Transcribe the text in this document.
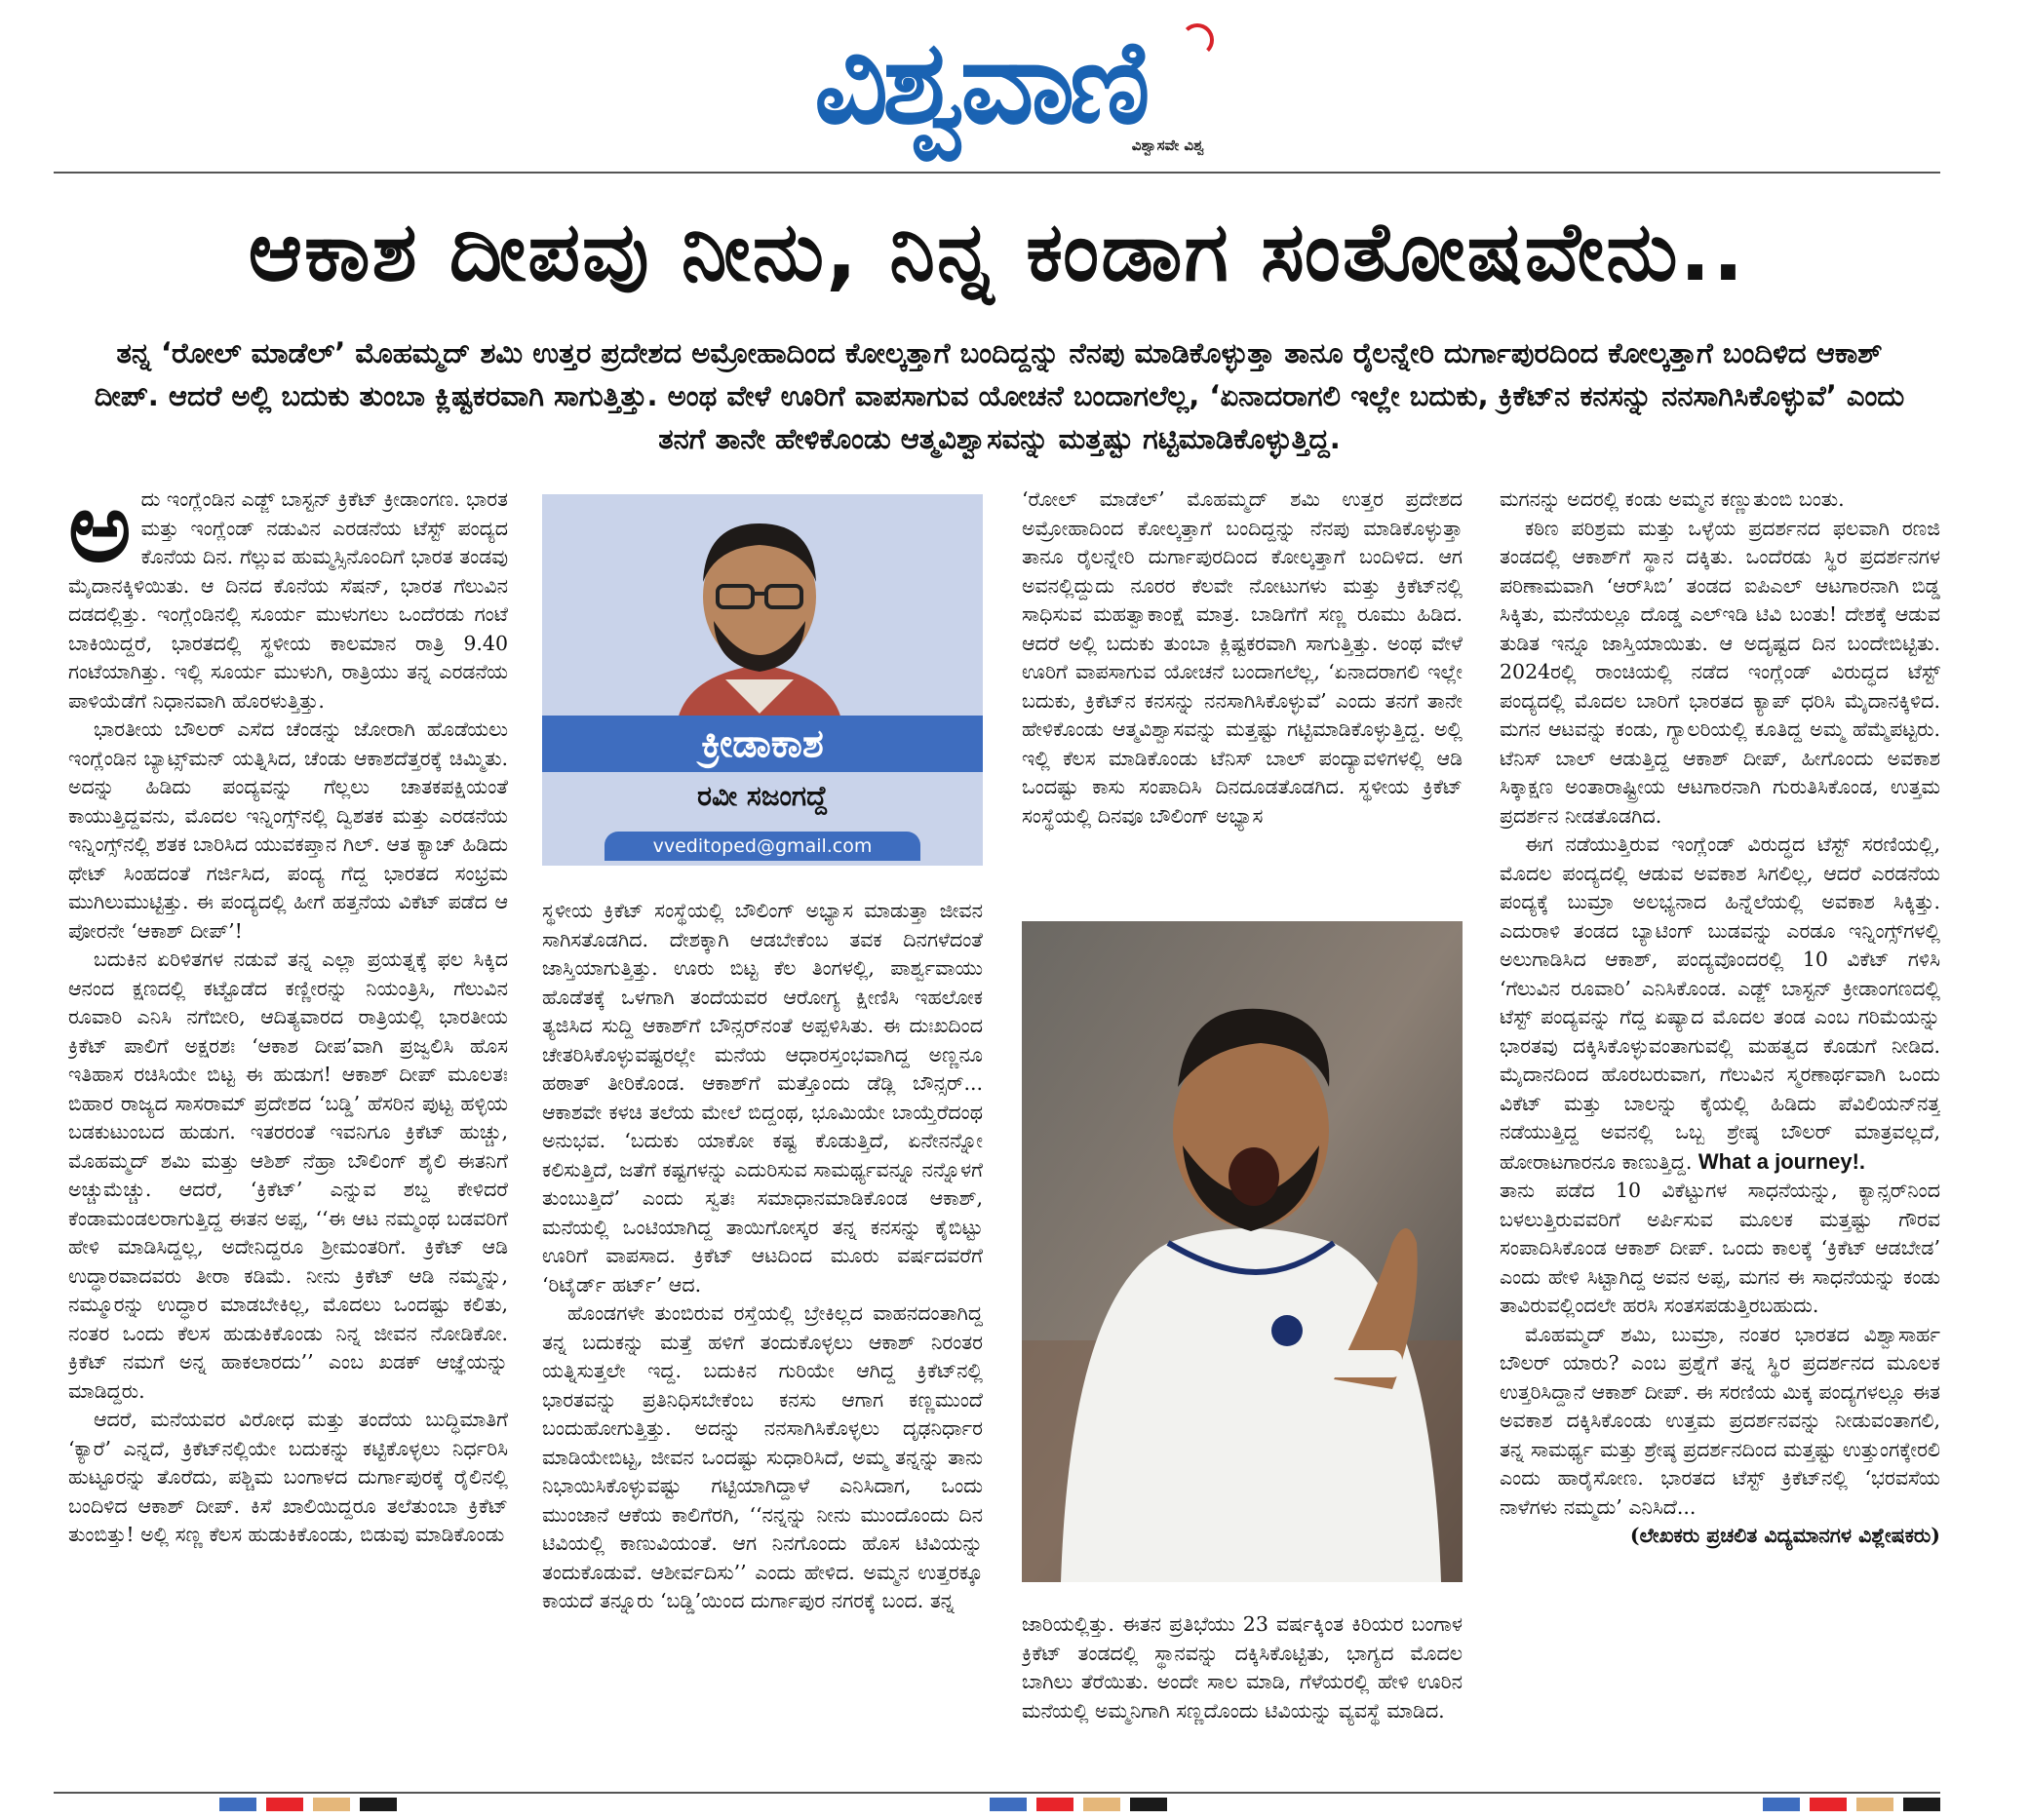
ವಿಶ್ವವಾಣಿ
ವಿಶ್ವಾಸವೇ ವಿಶ್ವ
ಆಕಾಶ ದೀಪವು ನೀನು, ನಿನ್ನ ಕಂಡಾಗ ಸಂತೋಷವೇನು..
ತನ್ನ ‘ರೋಲ್ ಮಾಡೆಲ್’ ಮೊಹಮ್ಮದ್ ಶಮಿ ಉತ್ತರ ಪ್ರದೇಶದ ಅಮ್ರೋಹಾದಿಂದ ಕೋಲ್ಕತ್ತಾಗೆ ಬಂದಿದ್ದನ್ನು ನೆನಪು ಮಾಡಿಕೊಳ್ಳುತ್ತಾ ತಾನೂ ರೈಲನ್ನೇರಿ ದುರ್ಗಾಪುರದಿಂದ ಕೋಲ್ಕತ್ತಾಗೆ ಬಂದಿಳಿದ ಆಕಾಶ್ ದೀಪ್. ಆದರೆ ಅಲ್ಲಿ ಬದುಕು ತುಂಬಾ ಕ್ಲಿಷ್ಟಕರವಾಗಿ ಸಾಗುತ್ತಿತ್ತು. ಅಂಥ ವೇಳೆ ಊರಿಗೆ ವಾಪಸಾಗುವ ಯೋಚನೆ ಬಂದಾಗಲೆಲ್ಲ, ‘ಏನಾದರಾಗಲಿ ಇಲ್ಲೇ ಬದುಕು, ಕ್ರಿಕೆಟ್‌ನ ಕನಸನ್ನು ನನಸಾಗಿಸಿಕೊಳ್ಳುವೆ’ ಎಂದು ತನಗೆ ತಾನೇ ಹೇಳಿಕೊಂಡು ಆತ್ಮವಿಶ್ವಾಸವನ್ನು ಮತ್ತಷ್ಟು ಗಟ್ಟಿಮಾಡಿಕೊಳ್ಳುತ್ತಿದ್ದ.

ಅದು ಇಂಗ್ಲೆಂಡಿನ ಎಡ್ಜ್ ಬಾಸ್ಟನ್ ಕ್ರಿಕೆಟ್ ಕ್ರೀಡಾಂಗಣ. ಭಾರತ ಮತ್ತು ಇಂಗ್ಲೆಂಡ್ ನಡುವಿನ ಎರಡನೆಯ ಟೆಸ್ಟ್ ಪಂದ್ಯದ ಕೊನೆಯ ದಿನ. ಗೆಲ್ಲುವ ಹುಮ್ಮಸ್ಸಿನೊಂದಿಗೆ ಭಾರತ ತಂಡವು ಮೈದಾನಕ್ಕಿಳಿಯಿತು. ಆ ದಿನದ ಕೊನೆಯ ಸೆಷನ್, ಭಾರತ ಗೆಲುವಿನ ದಡದಲ್ಲಿತ್ತು. ಇಂಗ್ಲೆಂಡಿನಲ್ಲಿ ಸೂರ್ಯ ಮುಳುಗಲು ಒಂದೆರಡು ಗಂಟೆ ಬಾಕಿಯಿದ್ದರೆ, ಭಾರತದಲ್ಲಿ ಸ್ಥಳೀಯ ಕಾಲಮಾನ ರಾತ್ರಿ 9.40 ಗಂಟೆಯಾಗಿತ್ತು. ಇಲ್ಲಿ ಸೂರ್ಯ ಮುಳುಗಿ, ರಾತ್ರಿಯು ತನ್ನ ಎರಡನೆಯ ಪಾಳಿಯೆಡೆಗೆ ನಿಧಾನವಾಗಿ ಹೊರಳುತ್ತಿತ್ತು.

ಭಾರತೀಯ ಬೌಲರ್ ಎಸೆದ ಚೆಂಡನ್ನು ಜೋರಾಗಿ ಹೊಡೆಯಲು ಇಂಗ್ಲೆಂಡಿನ ಬ್ಯಾಟ್ಸ್‌ಮನ್ ಯತ್ನಿಸಿದ, ಚೆಂಡು ಆಕಾಶದೆತ್ತರಕ್ಕೆ ಚಿಮ್ಮಿತು. ಅದನ್ನು ಹಿಡಿದು ಪಂದ್ಯವನ್ನು ಗೆಲ್ಲಲು ಚಾತಕಪಕ್ಷಿಯಂತೆ ಕಾಯುತ್ತಿದ್ದವನು, ಮೊದಲ ಇನ್ನಿಂಗ್ಸ್‌ನಲ್ಲಿ ದ್ವಿಶತಕ ಮತ್ತು ಎರಡನೆಯ ಇನ್ನಿಂಗ್ಸ್‌ನಲ್ಲಿ ಶತಕ ಬಾರಿಸಿದ ಯುವಕಪ್ತಾನ ಗಿಲ್. ಆತ ಕ್ಯಾಚ್ ಹಿಡಿದು ಥೇಟ್ ಸಿಂಹದಂತೆ ಗರ್ಜಿಸಿದ, ಪಂದ್ಯ ಗೆದ್ದ ಭಾರತದ ಸಂಭ್ರಮ ಮುಗಿಲುಮುಟ್ಟಿತ್ತು. ಈ ಪಂದ್ಯದಲ್ಲಿ ಹೀಗೆ ಹತ್ತನೆಯ ವಿಕೆಟ್ ಪಡೆದ ಆ ಪೋರನೇ ‘ಆಕಾಶ್ ದೀಪ್’!

ಬದುಕಿನ ಏರಿಳಿತಗಳ ನಡುವೆ ತನ್ನ ಎಲ್ಲಾ ಪ್ರಯತ್ನಕ್ಕೆ ಫಲ ಸಿಕ್ಕಿದ ಆನಂದ ಕ್ಷಣದಲ್ಲಿ ಕಟ್ಟೊಡೆದ ಕಣ್ಣೀರನ್ನು ನಿಯಂತ್ರಿಸಿ, ಗೆಲುವಿನ ರೂವಾರಿ ಎನಿಸಿ ನಗೆಬೀರಿ, ಆದಿತ್ಯವಾರದ ರಾತ್ರಿಯಲ್ಲಿ ಭಾರತೀಯ ಕ್ರಿಕೆಟ್ ಪಾಲಿಗೆ ಅಕ್ಷರಶಃ ‘ಆಕಾಶ ದೀಪ’ವಾಗಿ ಪ್ರಜ್ವಲಿಸಿ ಹೊಸ ಇತಿಹಾಸ ರಚಿಸಿಯೇ ಬಿಟ್ಟ ಈ ಹುಡುಗ! ಆಕಾಶ್ ದೀಪ್ ಮೂಲತಃ ಬಿಹಾರ ರಾಜ್ಯದ ಸಾಸರಾಮ್ ಪ್ರದೇಶದ ‘ಬಡ್ಡಿ’ ಹೆಸರಿನ ಪುಟ್ಟ ಹಳ್ಳಿಯ ಬಡಕುಟುಂಬದ ಹುಡುಗ. ಇತರರಂತೆ ಇವನಿಗೂ ಕ್ರಿಕೆಟ್ ಹುಚ್ಚು, ಮೊಹಮ್ಮದ್ ಶಮಿ ಮತ್ತು ಆಶಿಶ್ ನೆಹ್ರಾ ಬೌಲಿಂಗ್ ಶೈಲಿ ಈತನಿಗೆ ಅಚ್ಚುಮೆಚ್ಚು. ಆದರೆ, ‘ಕ್ರಿಕೆಟ್’ ಎನ್ನುವ ಶಬ್ದ ಕೇಳಿದರೆ ಕೆಂಡಾಮಂಡಲರಾಗುತ್ತಿದ್ದ ಈತನ ಅಪ್ಪ, ‘‘ಈ ಆಟ ನಮ್ಮಂಥ ಬಡವರಿಗೆ ಹೇಳಿ ಮಾಡಿಸಿದ್ದಲ್ಲ, ಅದೇನಿದ್ದರೂ ಶ್ರೀಮಂತರಿಗೆ. ಕ್ರಿಕೆಟ್ ಆಡಿ ಉದ್ಧಾರವಾದವರು ತೀರಾ ಕಡಿಮೆ. ನೀನು ಕ್ರಿಕೆಟ್ ಆಡಿ ನಮ್ಮನ್ನು, ನಮ್ಮೂರನ್ನು ಉದ್ಧಾರ ಮಾಡಬೇಕಿಲ್ಲ, ಮೊದಲು ಒಂದಷ್ಟು ಕಲಿತು, ನಂತರ ಒಂದು ಕೆಲಸ ಹುಡುಕಿಕೊಂಡು ನಿನ್ನ ಜೀವನ ನೋಡಿಕೋ. ಕ್ರಿಕೆಟ್ ನಮಗೆ ಅನ್ನ ಹಾಕಲಾರದು’’ ಎಂಬ ಖಡಕ್ ಆಜ್ಞೆಯನ್ನು ಮಾಡಿದ್ದರು.

ಆದರೆ, ಮನೆಯವರ ವಿರೋಧ ಮತ್ತು ತಂದೆಯ ಬುದ್ಧಿಮಾತಿಗೆ ‘ಕ್ಯಾರೆ’ ಎನ್ನದೆ, ಕ್ರಿಕೆಟ್‌ನಲ್ಲಿಯೇ ಬದುಕನ್ನು ಕಟ್ಟಿಕೊಳ್ಳಲು ನಿರ್ಧರಿಸಿ ಹುಟ್ಟೂರನ್ನು ತೊರೆದು, ಪಶ್ಚಿಮ ಬಂಗಾಳದ ದುರ್ಗಾಪುರಕ್ಕೆ ರೈಲಿನಲ್ಲಿ ಬಂದಿಳಿದ ಆಕಾಶ್ ದೀಪ್. ಕಿಸೆ ಖಾಲಿಯಿದ್ದರೂ ತಲೆತುಂಬಾ ಕ್ರಿಕೆಟ್ ತುಂಬಿತ್ತು! ಅಲ್ಲಿ ಸಣ್ಣ ಕೆಲಸ ಹುಡುಕಿಕೊಂಡು, ಬಿಡುವು ಮಾಡಿಕೊಂಡು

ಕ್ರೀಡಾಕಾಶ
ರವೀ ಸಜಂಗದ್ದೆ
vveditoped@gmail.com

ಸ್ಥಳೀಯ ಕ್ರಿಕೆಟ್ ಸಂಸ್ಥೆಯಲ್ಲಿ ಬೌಲಿಂಗ್ ಅಭ್ಯಾಸ ಮಾಡುತ್ತಾ ಜೀವನ ಸಾಗಿಸತೊಡಗಿದ. ದೇಶಕ್ಕಾಗಿ ಆಡಬೇಕೆಂಬ ತವಕ ದಿನಗಳೆದಂತೆ ಜಾಸ್ತಿಯಾಗುತ್ತಿತ್ತು. ಊರು ಬಿಟ್ಟ ಕೆಲ ತಿಂಗಳಲ್ಲಿ, ಪಾರ್ಶ್ವವಾಯು ಹೊಡೆತಕ್ಕೆ ಒಳಗಾಗಿ ತಂದೆಯವರ ಆರೋಗ್ಯ ಕ್ಷೀಣಿಸಿ ಇಹಲೋಕ ತ್ಯಜಿಸಿದ ಸುದ್ದಿ ಆಕಾಶ್‌ಗೆ ಬೌನ್ಸರ್‌ನಂತೆ ಅಪ್ಪಳಿಸಿತು. ಈ ದುಃಖದಿಂದ ಚೇತರಿಸಿಕೊಳ್ಳುವಷ್ಟರಲ್ಲೇ ಮನೆಯ ಆಧಾರಸ್ತಂಭವಾಗಿದ್ದ ಅಣ್ಣನೂ ಹಠಾತ್ ತೀರಿಕೊಂಡ. ಆಕಾಶ್‌ಗೆ ಮತ್ತೊಂದು ಡೆಡ್ಲಿ ಬೌನ್ಸರ್... ಆಕಾಶವೇ ಕಳಚಿ ತಲೆಯ ಮೇಲೆ ಬಿದ್ದಂಥ, ಭೂಮಿಯೇ ಬಾಯ್ತೆರೆದಂಥ ಅನುಭವ. ‘ಬದುಕು ಯಾಕೋ ಕಷ್ಟ ಕೊಡುತ್ತಿದೆ, ಏನೇನನ್ನೋ ಕಲಿಸುತ್ತಿದೆ, ಜತೆಗೆ ಕಷ್ಟಗಳನ್ನು ಎದುರಿಸುವ ಸಾಮರ್ಥ್ಯವನ್ನೂ ನನ್ನೊಳಗೆ ತುಂಬುತ್ತಿದೆ’ ಎಂದು ಸ್ವತಃ ಸಮಾಧಾನಮಾಡಿಕೊಂಡ ಆಕಾಶ್, ಮನೆಯಲ್ಲಿ ಒಂಟಿಯಾಗಿದ್ದ ತಾಯಿಗೋಸ್ಕರ ತನ್ನ ಕನಸನ್ನು ಕೈಬಿಟ್ಟು ಊರಿಗೆ ವಾಪಸಾದ. ಕ್ರಿಕೆಟ್ ಆಟದಿಂದ ಮೂರು ವರ್ಷದವರೆಗೆ ‘ರಿಟೈರ್ಡ್ ಹರ್ಟ್’ ಆದ.

ಹೊಂಡಗಳೇ ತುಂಬಿರುವ ರಸ್ತೆಯಲ್ಲಿ ಬ್ರೇಕಿಲ್ಲದ ವಾಹನದಂತಾಗಿದ್ದ ತನ್ನ ಬದುಕನ್ನು ಮತ್ತೆ ಹಳಿಗೆ ತಂದುಕೊಳ್ಳಲು ಆಕಾಶ್ ನಿರಂತರ ಯತ್ನಿಸುತ್ತಲೇ ಇದ್ದ. ಬದುಕಿನ ಗುರಿಯೇ ಆಗಿದ್ದ ಕ್ರಿಕೆಟ್‌ನಲ್ಲಿ ಭಾರತವನ್ನು ಪ್ರತಿನಿಧಿಸಬೇಕೆಂಬ ಕನಸು ಆಗಾಗ ಕಣ್ಣಮುಂದೆ ಬಂದುಹೋಗುತ್ತಿತ್ತು. ಅದನ್ನು ನನಸಾಗಿಸಿಕೊಳ್ಳಲು ದೃಢನಿರ್ಧಾರ ಮಾಡಿಯೇಬಿಟ್ಟ, ಜೀವನ ಒಂದಷ್ಟು ಸುಧಾರಿಸಿದೆ, ಅಮ್ಮ ತನ್ನನ್ನು ತಾನು ನಿಭಾಯಿಸಿಕೊಳ್ಳುವಷ್ಟು ಗಟ್ಟಿಯಾಗಿದ್ದಾಳೆ ಎನಿಸಿದಾಗ, ಒಂದು ಮುಂಜಾನೆ ಆಕೆಯ ಕಾಲಿಗೆರಗಿ, ‘‘ನನ್ನನ್ನು ನೀನು ಮುಂದೊಂದು ದಿನ ಟಿವಿಯಲ್ಲಿ ಕಾಣುವಿಯಂತೆ. ಆಗ ನಿನಗೊಂದು ಹೊಸ ಟಿವಿಯನ್ನು ತಂದುಕೊಡುವೆ. ಆಶೀರ್ವದಿಸು’’ ಎಂದು ಹೇಳಿದ. ಅಮ್ಮನ ಉತ್ತರಕ್ಕೂ ಕಾಯದೆ ತನ್ನೂರು ‘ಬಡ್ಡಿ’ಯಿಂದ ದುರ್ಗಾಪುರ ನಗರಕ್ಕೆ ಬಂದ. ತನ್ನ

‘ರೋಲ್ ಮಾಡೆಲ್’ ಮೊಹಮ್ಮದ್ ಶಮಿ ಉತ್ತರ ಪ್ರದೇಶದ ಅಮ್ರೋಹಾದಿಂದ ಕೋಲ್ಕತ್ತಾಗೆ ಬಂದಿದ್ದನ್ನು ನೆನಪು ಮಾಡಿಕೊಳ್ಳುತ್ತಾ ತಾನೂ ರೈಲನ್ನೇರಿ ದುರ್ಗಾಪುರದಿಂದ ಕೋಲ್ಕತ್ತಾಗೆ ಬಂದಿಳಿದ. ಆಗ ಅವನಲ್ಲಿದ್ದುದು ನೂರರ ಕೆಲವೇ ನೋಟುಗಳು ಮತ್ತು ಕ್ರಿಕೆಟ್‌ನಲ್ಲಿ ಸಾಧಿಸುವ ಮಹತ್ವಾಕಾಂಕ್ಷೆ ಮಾತ್ರ. ಬಾಡಿಗೆಗೆ ಸಣ್ಣ ರೂಮು ಹಿಡಿದ. ಆದರೆ ಅಲ್ಲಿ ಬದುಕು ತುಂಬಾ ಕ್ಲಿಷ್ಟಕರವಾಗಿ ಸಾಗುತ್ತಿತ್ತು. ಅಂಥ ವೇಳೆ ಊರಿಗೆ ವಾಪಸಾಗುವ ಯೋಚನೆ ಬಂದಾಗಲೆಲ್ಲ, ‘ಏನಾದರಾಗಲಿ ಇಲ್ಲೇ ಬದುಕು, ಕ್ರಿಕೆಟ್‌ನ ಕನಸನ್ನು ನನಸಾಗಿಸಿಕೊಳ್ಳುವೆ’ ಎಂದು ತನಗೆ ತಾನೇ ಹೇಳಿಕೊಂಡು ಆತ್ಮವಿಶ್ವಾಸವನ್ನು ಮತ್ತಷ್ಟು ಗಟ್ಟಿಮಾಡಿಕೊಳ್ಳುತ್ತಿದ್ದ. ಅಲ್ಲಿ ಇಲ್ಲಿ ಕೆಲಸ ಮಾಡಿಕೊಂಡು ಟೆನಿಸ್ ಬಾಲ್ ಪಂದ್ಯಾವಳಿಗಳಲ್ಲಿ ಆಡಿ ಒಂದಷ್ಟು ಕಾಸು ಸಂಪಾದಿಸಿ ದಿನದೂಡತೊಡಗಿದ. ಸ್ಥಳೀಯ ಕ್ರಿಕೆಟ್ ಸಂಸ್ಥೆಯಲ್ಲಿ ದಿನವೂ ಬೌಲಿಂಗ್ ಅಭ್ಯಾಸ

ಜಾರಿಯಲ್ಲಿತ್ತು. ಈತನ ಪ್ರತಿಭೆಯು 23 ವರ್ಷಕ್ಕಿಂತ ಕಿರಿಯರ ಬಂಗಾಳ ಕ್ರಿಕೆಟ್ ತಂಡದಲ್ಲಿ ಸ್ಥಾನವನ್ನು ದಕ್ಕಿಸಿಕೊಟ್ಟಿತು, ಭಾಗ್ಯದ ಮೊದಲ ಬಾಗಿಲು ತೆರೆಯಿತು. ಅಂದೇ ಸಾಲ ಮಾಡಿ, ಗೆಳೆಯರಲ್ಲಿ ಹೇಳಿ ಊರಿನ ಮನೆಯಲ್ಲಿ ಅಮ್ಮನಿಗಾಗಿ ಸಣ್ಣದೊಂದು ಟಿವಿಯನ್ನು ವ್ಯವಸ್ಥೆ ಮಾಡಿದ.

ಮಗನನ್ನು ಅದರಲ್ಲಿ ಕಂಡು ಅಮ್ಮನ ಕಣ್ಣುತುಂಬಿ ಬಂತು.

ಕಠಿಣ ಪರಿಶ್ರಮ ಮತ್ತು ಒಳ್ಳೆಯ ಪ್ರದರ್ಶನದ ಫಲವಾಗಿ ರಣಜಿ ತಂಡದಲ್ಲಿ ಆಕಾಶ್‌ಗೆ ಸ್ಥಾನ ದಕ್ಕಿತು. ಒಂದೆರಡು ಸ್ಥಿರ ಪ್ರದರ್ಶನಗಳ ಪರಿಣಾಮವಾಗಿ ‘ಆರ್‌ಸಿಬಿ’ ತಂಡದ ಐಪಿಎಲ್ ಆಟಗಾರನಾಗಿ ಬಿಡ್ಡ ಸಿಕ್ಕಿತು, ಮನೆಯಲ್ಲೂ ದೊಡ್ಡ ಎಲ್‌ಇಡಿ ಟಿವಿ ಬಂತು! ದೇಶಕ್ಕೆ ಆಡುವ ತುಡಿತ ಇನ್ನೂ ಜಾಸ್ತಿಯಾಯಿತು. ಆ ಅದೃಷ್ಟದ ದಿನ ಬಂದೇಬಿಟ್ಟಿತು. 2024ರಲ್ಲಿ ರಾಂಚಿಯಲ್ಲಿ ನಡೆದ ಇಂಗ್ಲೆಂಡ್ ವಿರುದ್ಧದ ಟೆಸ್ಟ್ ಪಂದ್ಯದಲ್ಲಿ ಮೊದಲ ಬಾರಿಗೆ ಭಾರತದ ಕ್ಯಾಪ್ ಧರಿಸಿ ಮೈದಾನಕ್ಕಿಳಿದ. ಮಗನ ಆಟವನ್ನು ಕಂಡು, ಗ್ಯಾಲರಿಯಲ್ಲಿ ಕೂತಿದ್ದ ಅಮ್ಮ ಹೆಮ್ಮೆಪಟ್ಟರು. ಟೆನಿಸ್ ಬಾಲ್ ಆಡುತ್ತಿದ್ದ ಆಕಾಶ್ ದೀಪ್, ಹೀಗೊಂದು ಅವಕಾಶ ಸಿಕ್ಕಾಕ್ಷಣ ಅಂತಾರಾಷ್ಟ್ರೀಯ ಆಟಗಾರನಾಗಿ ಗುರುತಿಸಿಕೊಂಡ, ಉತ್ತಮ ಪ್ರದರ್ಶನ ನೀಡತೊಡಗಿದ.

ಈಗ ನಡೆಯುತ್ತಿರುವ ಇಂಗ್ಲೆಂಡ್ ವಿರುದ್ಧದ ಟೆಸ್ಟ್ ಸರಣಿಯಲ್ಲಿ, ಮೊದಲ ಪಂದ್ಯದಲ್ಲಿ ಆಡುವ ಅವಕಾಶ ಸಿಗಲಿಲ್ಲ, ಆದರೆ ಎರಡನೆಯ ಪಂದ್ಯಕ್ಕೆ ಬುಮ್ರಾ ಅಲಭ್ಯನಾದ ಹಿನ್ನೆಲೆಯಲ್ಲಿ ಅವಕಾಶ ಸಿಕ್ಕಿತ್ತು. ಎದುರಾಳಿ ತಂಡದ ಬ್ಯಾಟಿಂಗ್ ಬುಡವನ್ನು ಎರಡೂ ಇನ್ನಿಂಗ್ಸ್‌ಗಳಲ್ಲಿ ಅಲುಗಾಡಿಸಿದ ಆಕಾಶ್, ಪಂದ್ಯವೊಂದರಲ್ಲಿ 10 ವಿಕೆಟ್ ಗಳಿಸಿ ‘ಗೆಲುವಿನ ರೂವಾರಿ’ ಎನಿಸಿಕೊಂಡ. ಎಡ್ಜ್ ಬಾಸ್ಟನ್ ಕ್ರೀಡಾಂಗಣದಲ್ಲಿ ಟೆಸ್ಟ್ ಪಂದ್ಯವನ್ನು ಗೆದ್ದ ಏಷ್ಯಾದ ಮೊದಲ ತಂಡ ಎಂಬ ಗರಿಮೆಯನ್ನು ಭಾರತವು ದಕ್ಕಿಸಿಕೊಳ್ಳುವಂತಾಗುವಲ್ಲಿ ಮಹತ್ವದ ಕೊಡುಗೆ ನೀಡಿದ. ಮೈದಾನದಿಂದ ಹೊರಬರುವಾಗ, ಗೆಲುವಿನ ಸ್ಮರಣಾರ್ಥವಾಗಿ ಒಂದು ವಿಕೆಟ್ ಮತ್ತು ಬಾಲನ್ನು ಕೈಯಲ್ಲಿ ಹಿಡಿದು ಪೆವಿಲಿಯನ್‌ನತ್ತ ನಡೆಯುತ್ತಿದ್ದ ಅವನಲ್ಲಿ ಒಬ್ಬ ಶ್ರೇಷ್ಠ ಬೌಲರ್ ಮಾತ್ರವಲ್ಲದೆ, ಹೋರಾಟಗಾರನೂ ಕಾಣುತ್ತಿದ್ದ. What a journey!.

ತಾನು ಪಡೆದ 10 ವಿಕೆಟ್ಟುಗಳ ಸಾಧನೆಯನ್ನು, ಕ್ಯಾನ್ಸರ್‌ನಿಂದ ಬಳಲುತ್ತಿರುವವರಿಗೆ ಅರ್ಪಿಸುವ ಮೂಲಕ ಮತ್ತಷ್ಟು ಗೌರವ ಸಂಪಾದಿಸಿಕೊಂಡ ಆಕಾಶ್ ದೀಪ್. ಒಂದು ಕಾಲಕ್ಕೆ ‘ಕ್ರಿಕೆಟ್ ಆಡಬೇಡ’ ಎಂದು ಹೇಳಿ ಸಿಟ್ಟಾಗಿದ್ದ ಅವನ ಅಪ್ಪ, ಮಗನ ಈ ಸಾಧನೆಯನ್ನು ಕಂಡು ತಾವಿರುವಲ್ಲಿಂದಲೇ ಹರಸಿ ಸಂತಸಪಡುತ್ತಿರಬಹುದು.

ಮೊಹಮ್ಮದ್ ಶಮಿ, ಬುಮ್ರಾ, ನಂತರ ಭಾರತದ ವಿಶ್ವಾಸಾರ್ಹ ಬೌಲರ್ ಯಾರು? ಎಂಬ ಪ್ರಶ್ನೆಗೆ ತನ್ನ ಸ್ಥಿರ ಪ್ರದರ್ಶನದ ಮೂಲಕ ಉತ್ತರಿಸಿದ್ದಾನೆ ಆಕಾಶ್ ದೀಪ್. ಈ ಸರಣಿಯ ಮಿಕ್ಕ ಪಂದ್ಯಗಳಲ್ಲೂ ಈತ ಅವಕಾಶ ದಕ್ಕಿಸಿಕೊಂಡು ಉತ್ತಮ ಪ್ರದರ್ಶನವನ್ನು ನೀಡುವಂತಾಗಲಿ, ತನ್ನ ಸಾಮರ್ಥ್ಯ ಮತ್ತು ಶ್ರೇಷ್ಠ ಪ್ರದರ್ಶನದಿಂದ ಮತ್ತಷ್ಟು ಉತ್ತುಂಗಕ್ಕೇರಲಿ ಎಂದು ಹಾರೈಸೋಣ. ಭಾರತದ ಟೆಸ್ಟ್ ಕ್ರಿಕೆಟ್‌ನಲ್ಲಿ ‘ಭರವಸೆಯ ನಾಳೆಗಳು ನಮ್ಮದು’ ಎನಿಸಿದೆ...

(ಲೇಖಕರು ಪ್ರಚಲಿತ ವಿದ್ಯಮಾನಗಳ ವಿಶ್ಲೇಷಕರು)
